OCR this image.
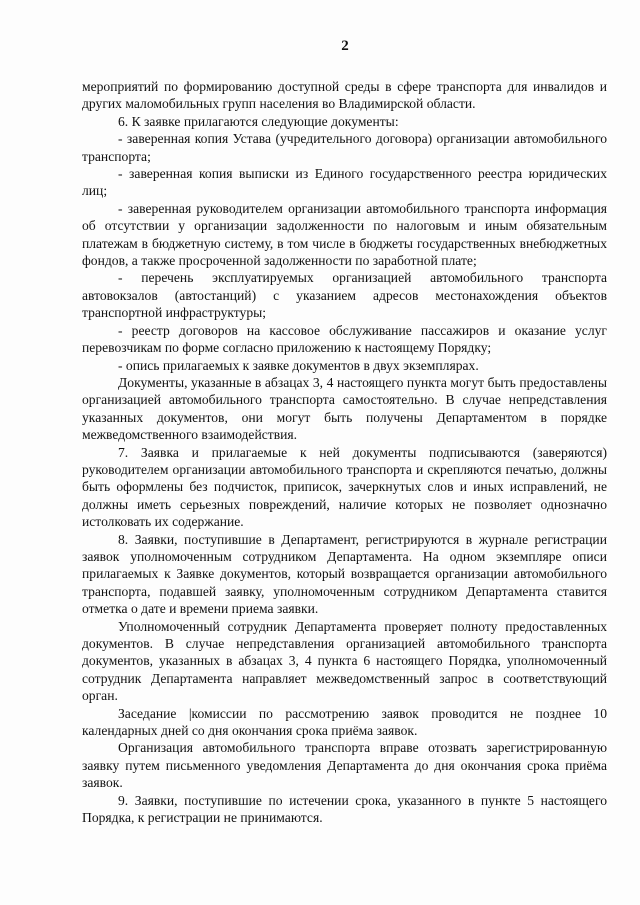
2

мероприятий по формированию доступной среды в сфере транспорта для инвалидов и других маломобильных групп населения во Владимирской области.

6. К заявке прилагаются следующие документы:

- заверенная копия Устава (учредительного договора) организации автомобильного транспорта;

- заверенная копия выписки из Единого государственного реестра юридических лиц;

- заверенная руководителем организации автомобильного транспорта информация об отсутствии у организации задолженности по налоговым и иным обязательным платежам в бюджетную систему, в том числе в бюджеты государственных внебюджетных фондов, а также просроченной задолженности по заработной плате;

- перечень эксплуатируемых организацией автомобильного транспорта автовокзалов (автостанций) с указанием адресов местонахождения объектов транспортной инфраструктуры;

- реестр договоров на кассовое обслуживание пассажиров и оказание услуг перевозчикам по форме согласно приложению к настоящему Порядку;

- опись прилагаемых к заявке документов в двух экземплярах.

Документы, указанные в абзацах 3, 4 настоящего пункта могут быть предоставлены организацией автомобильного транспорта самостоятельно. В случае непредставления указанных документов, они могут быть получены Департаментом в порядке межведомственного взаимодействия.

7. Заявка и прилагаемые к ней документы подписываются (заверяются) руководителем организации автомобильного транспорта и скрепляются печатью, должны быть оформлены без подчисток, приписок, зачеркнутых слов и иных исправлений, не должны иметь серьезных повреждений, наличие которых не позволяет однозначно истолковать их содержание.

8. Заявки, поступившие в Департамент, регистрируются в журнале регистрации заявок уполномоченным сотрудником Департамента. На одном экземпляре описи прилагаемых к Заявке документов, который возвращается организации автомобильного транспорта, подавшей заявку, уполномоченным сотрудником Департамента ставится отметка о дате и времени приема заявки.

Уполномоченный сотрудник Департамента проверяет полноту предоставленных документов. В случае непредставления организацией автомобильного транспорта документов, указанных в абзацах 3, 4 пункта 6 настоящего Порядка, уполномоченный сотрудник Департамента направляет межведомственный запрос в соответствующий орган.

Заседание |комиссии по рассмотрению заявок проводится не позднее 10 календарных дней со дня окончания срока приёма заявок.

Организация автомобильного транспорта вправе отозвать зарегистрированную заявку путем письменного уведомления Департамента до дня окончания срока приёма заявок.

9. Заявки, поступившие по истечении срока, указанного в пункте 5 настоящего Порядка, к регистрации не принимаются.
